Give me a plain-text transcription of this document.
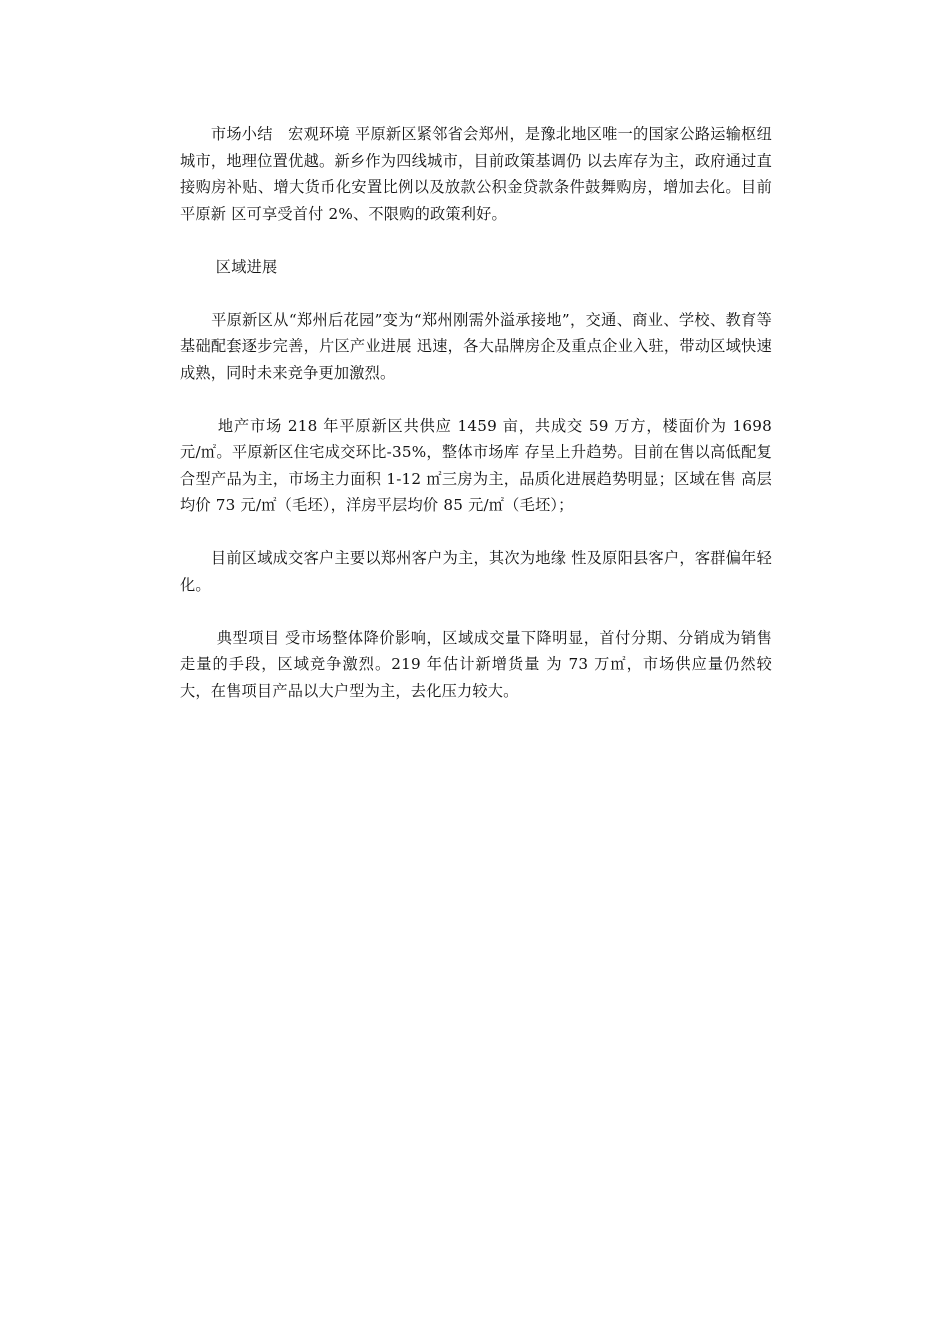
　　市场小结　宏观环境 平原新区紧邻省会郑州，是豫北地区唯一的国家公路运输枢纽城市，地理位置优越。新乡作为四线城市，目前政策基调仍 以去库存为主，政府通过直接购房补贴、增大货币化安置比例以及放款公积金贷款条件鼓舞购房，增加去化。目前平原新 区可享受首付 2%、不限购的政策利好。

　　 区域进展

　　平原新区从“郑州后花园”变为“郑州刚需外溢承接地”，交通、商业、学校、教育等基础配套逐步完善，片区产业进展 迅速，各大品牌房企及重点企业入驻，带动区域快速成熟，同时未来竞争更加激烈。

　　 地产市场 218 年平原新区共供应 1459 亩，共成交 59 万方，楼面价为 1698 元/㎡。平原新区住宅成交环比-35%，整体市场库 存呈上升趋势。目前在售以高低配复合型产品为主，市场主力面积 1-12 ㎡三房为主，品质化进展趋势明显；区域在售 高层均价 73 元/㎡（毛坯），洋房平层均价 85 元/㎡（毛坯）；

　　目前区域成交客户主要以郑州客户为主，其次为地缘 性及原阳县客户，客群偏年轻化。

　　 典型项目 受市场整体降价影响，区域成交量下降明显，首付分期、分销成为销售走量的手段，区域竞争激烈。219 年估计新增货量 为 73 万㎡，市场供应量仍然较大，在售项目产品以大户型为主，去化压力较大。
